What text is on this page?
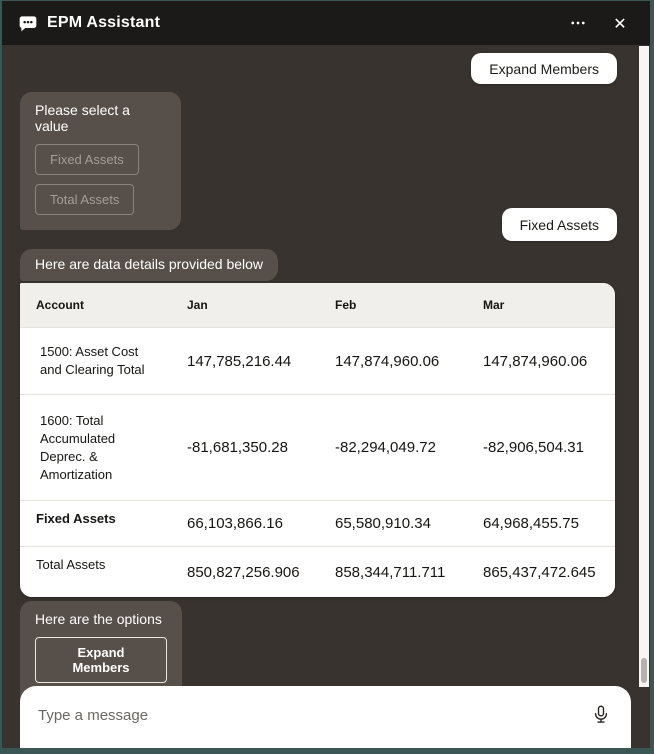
EPM Assistant	✕
Expand Members
Please select a value
Fixed Assets
Total Assets
Fixed Assets
Here are data details provided below
Account	Jan	Feb	Mar
1500: Asset Cost and Clearing Total	147,785,216.44	147,874,960.06	147,874,960.06
1600: Total Accumulated Deprec. & Amortization
-81,681,350.28	-82,294,049.72	-82,906,504.31
Fixed Assets	66,103,866.16	65,580,910.34	64,968,455.75
Total Assets	850,827,256.906	858,344,711.711	865,437,472.645
Here are the options
Expand Members
Type a message
